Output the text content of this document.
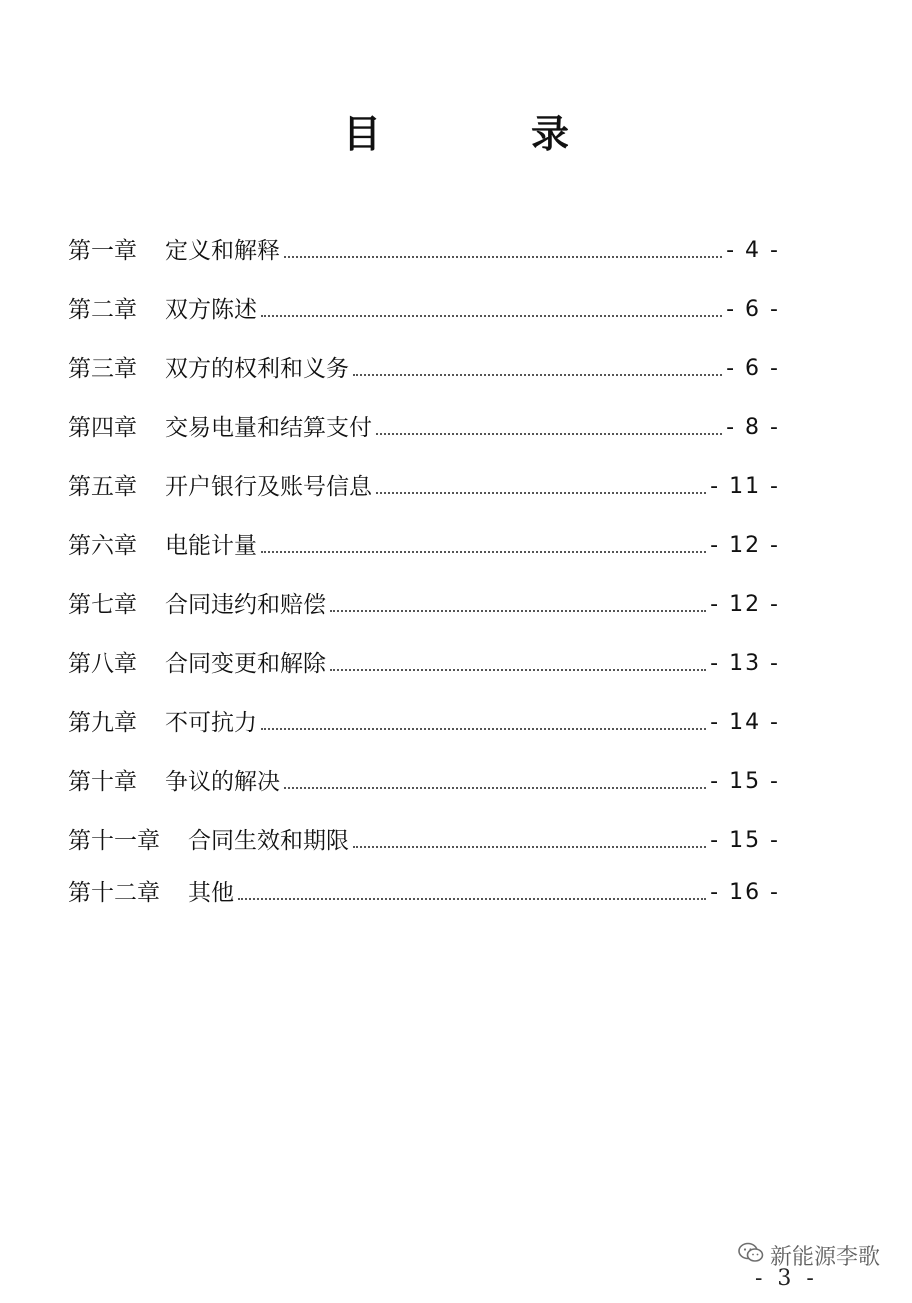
目　录
第一章 定义和解释	- 4 -
第二章 双方陈述	- 6 -
第三章 双方的权利和义务	- 6 -
第四章 交易电量和结算支付	- 8 -
第五章 开户银行及账号信息	- 11 -
第六章 电能计量	- 12 -
第七章 合同违约和赔偿	- 12 -
第八章 合同变更和解除	- 13 -
第九章 不可抗力	- 14 -
第十章 争议的解决	- 15 -
第十一章 合同生效和期限	- 15 -
第十二章 其他	- 16 -
新能源李歌
- 3 -
